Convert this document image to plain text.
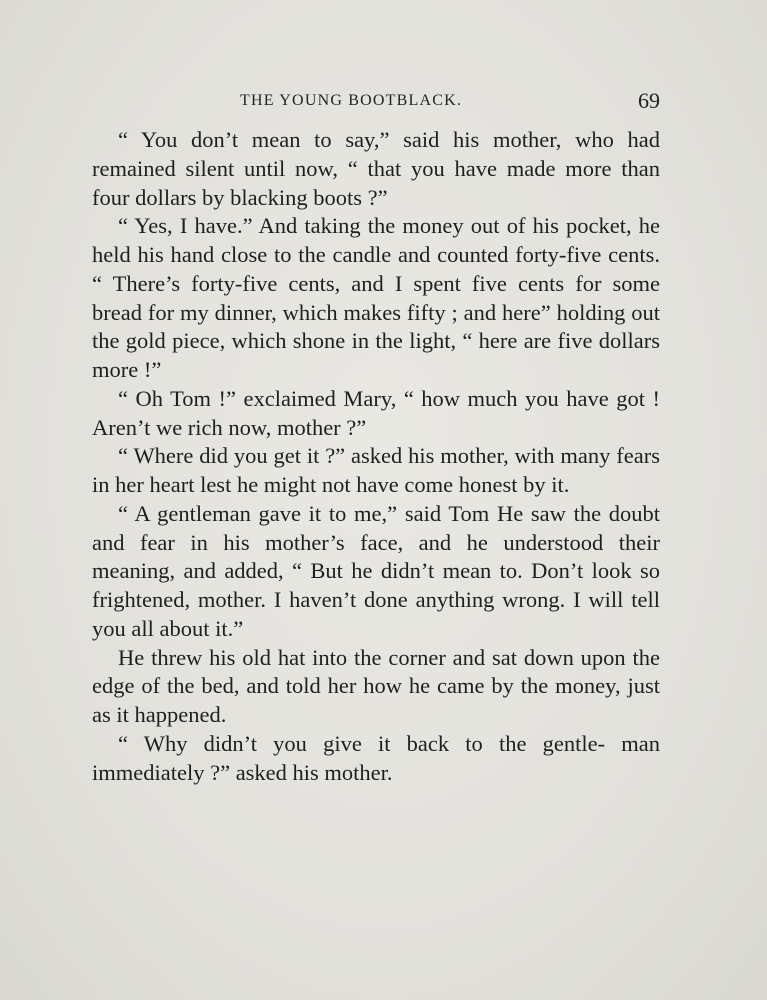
THE YOUNG BOOTBLACK.	69

“ You don’t mean to say,” said his mother, who had remained silent until now, “ that you have made more than four dollars by blacking boots ?”

“ Yes, I have.” And taking the money out of his pocket, he held his hand close to the candle and counted forty-five cents. “ There’s forty-five cents, and I spent five cents for some bread for my dinner, which makes fifty ; and here” holding out the gold piece, which shone in the light, “ here are five dollars more !”

“ Oh Tom !” exclaimed Mary, “ how much you have got ! Aren’t we rich now, mother ?”

“ Where did you get it ?” asked his mother, with many fears in her heart lest he might not have come honest by it.

“ A gentleman gave it to me,” said Tom He saw the doubt and fear in his mother’s face, and he understood their meaning, and added, “ But he didn’t mean to. Don’t look so frightened, mother. I haven’t done anything wrong. I will tell you all about it.”

He threw his old hat into the corner and sat down upon the edge of the bed, and told her how he came by the money, just as it happened.

“ Why didn’t you give it back to the gentle- man immediately ?” asked his mother.
